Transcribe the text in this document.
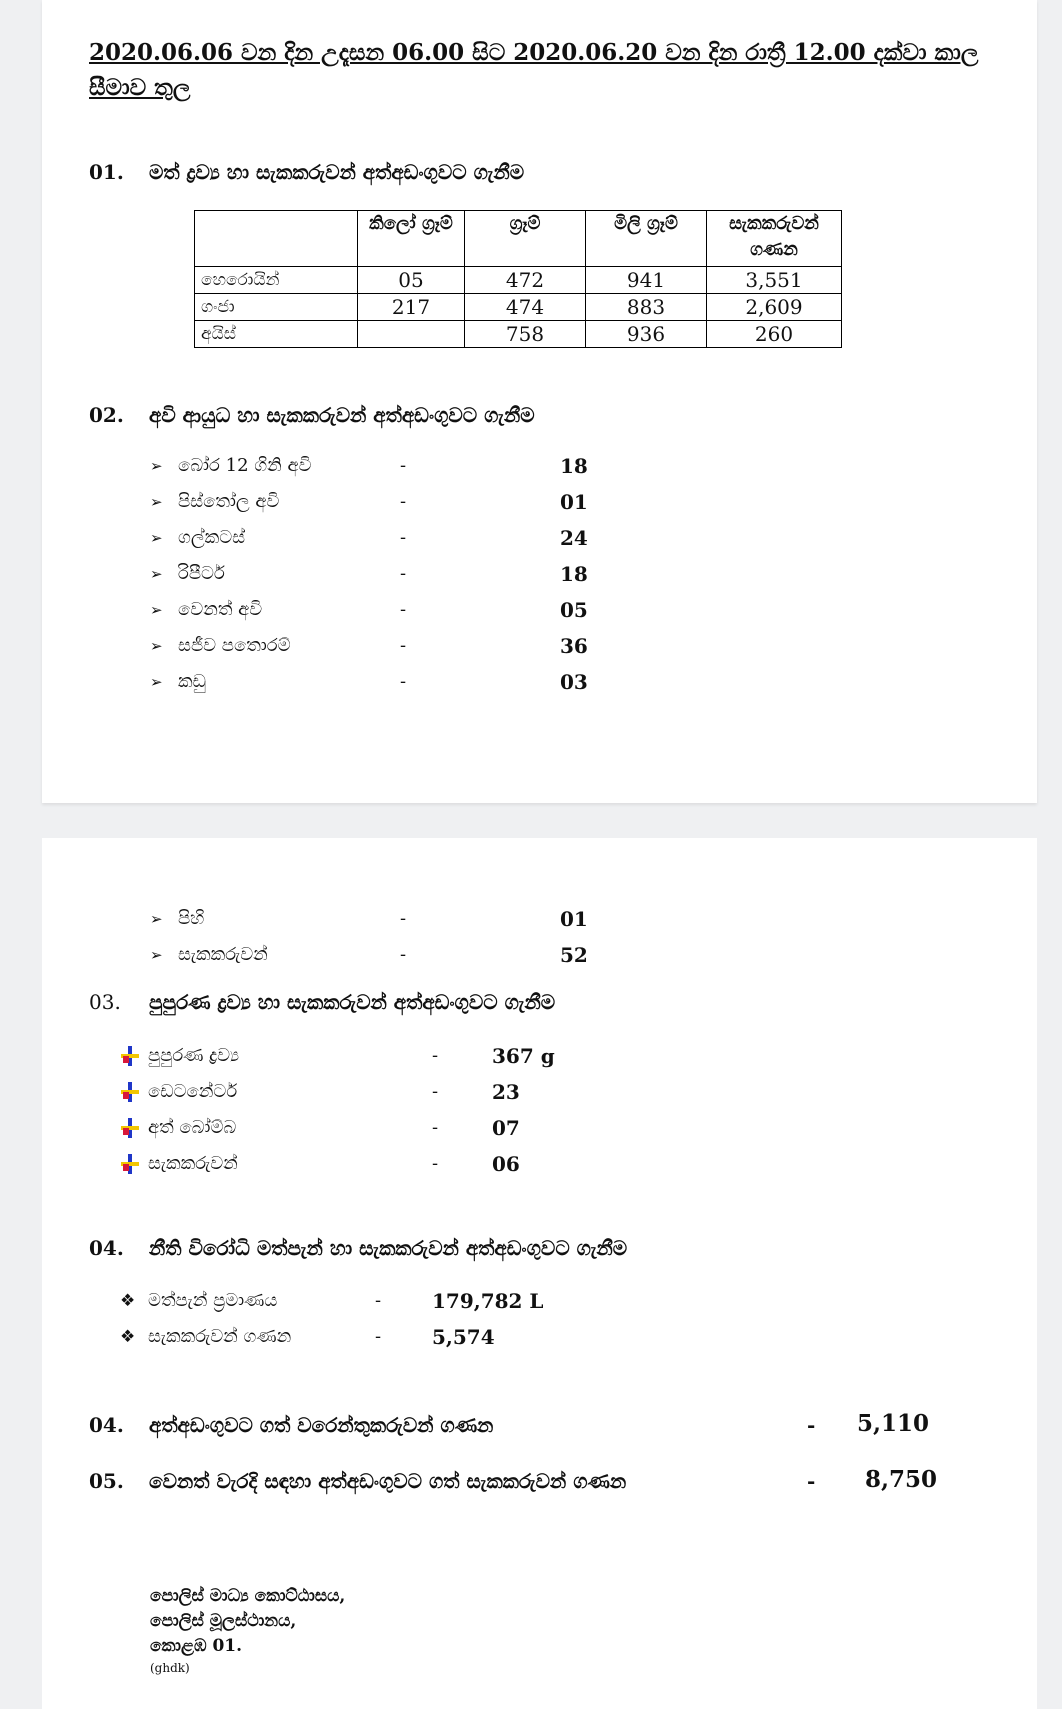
2020.06.06 වන දින උදෑසන 06.00 සිට 2020.06.20 වන දින රාත්‍රී 12.00 දක්වා කාල සීමාව තුල
01. මත් ද්‍රව්‍ය හා සැකකරුවන් අත්අඩංගුවට ගැනීම
	කිලෝ ග්‍රෑම්	ග්‍රෑම්	මිලි ග්‍රෑම්	සැකකරුවන් ගණන
හෙරොයින්	05	472	941	3,551
ගංජා	217	474	883	2,609
අයිස්		758	936	260
02. අවි ආයුධ හා සැකකරුවන් අත්අඩංගුවට ගැනීම
➢ බෝර 12 ගිනි අවි	-	18
➢ පිස්තෝල අවි	-	01
➢ ගල්කටස්	-	24
➢ රිපීටර්	-	18
➢ වෙනත් අවි	-	05
➢ සජීව පතොරම්	-	36
➢ කඩු	-	03
➢ පිහි	-	01
➢ සැකකරුවන්	-	52
03. පුපුරණ ද්‍රව්‍ය හා සැකකරුවන් අත්අඩංගුවට ගැනීම
පුපුරණ ද්‍රව්‍ය	-	367 g
ඩෙටනේටර්	-	23
අත් බෝම්බ	-	07
සැකකරුවන්	-	06
04. නීති විරෝධි මත්පැන් හා සැකකරුවන් අත්අඩංගුවට ගැනීම
❖ මත්පැන් ප්‍රමාණය	-	179,782 L
❖ සැකකරුවන් ගණන	-	5,574
04. අත්අඩංගුවට ගත් වරෙන්තුකරුවන් ගණන	- 5,110
05. වෙනත් වැරදි සඳහා අත්අඩංගුවට ගත් සැකකරුවන් ගණන	- 8,750
පොලිස් මාධ්‍ය කොට්ඨාසය,
පොලිස් මූලස්ථානය,
කොළඹ 01.
(ghdk)
